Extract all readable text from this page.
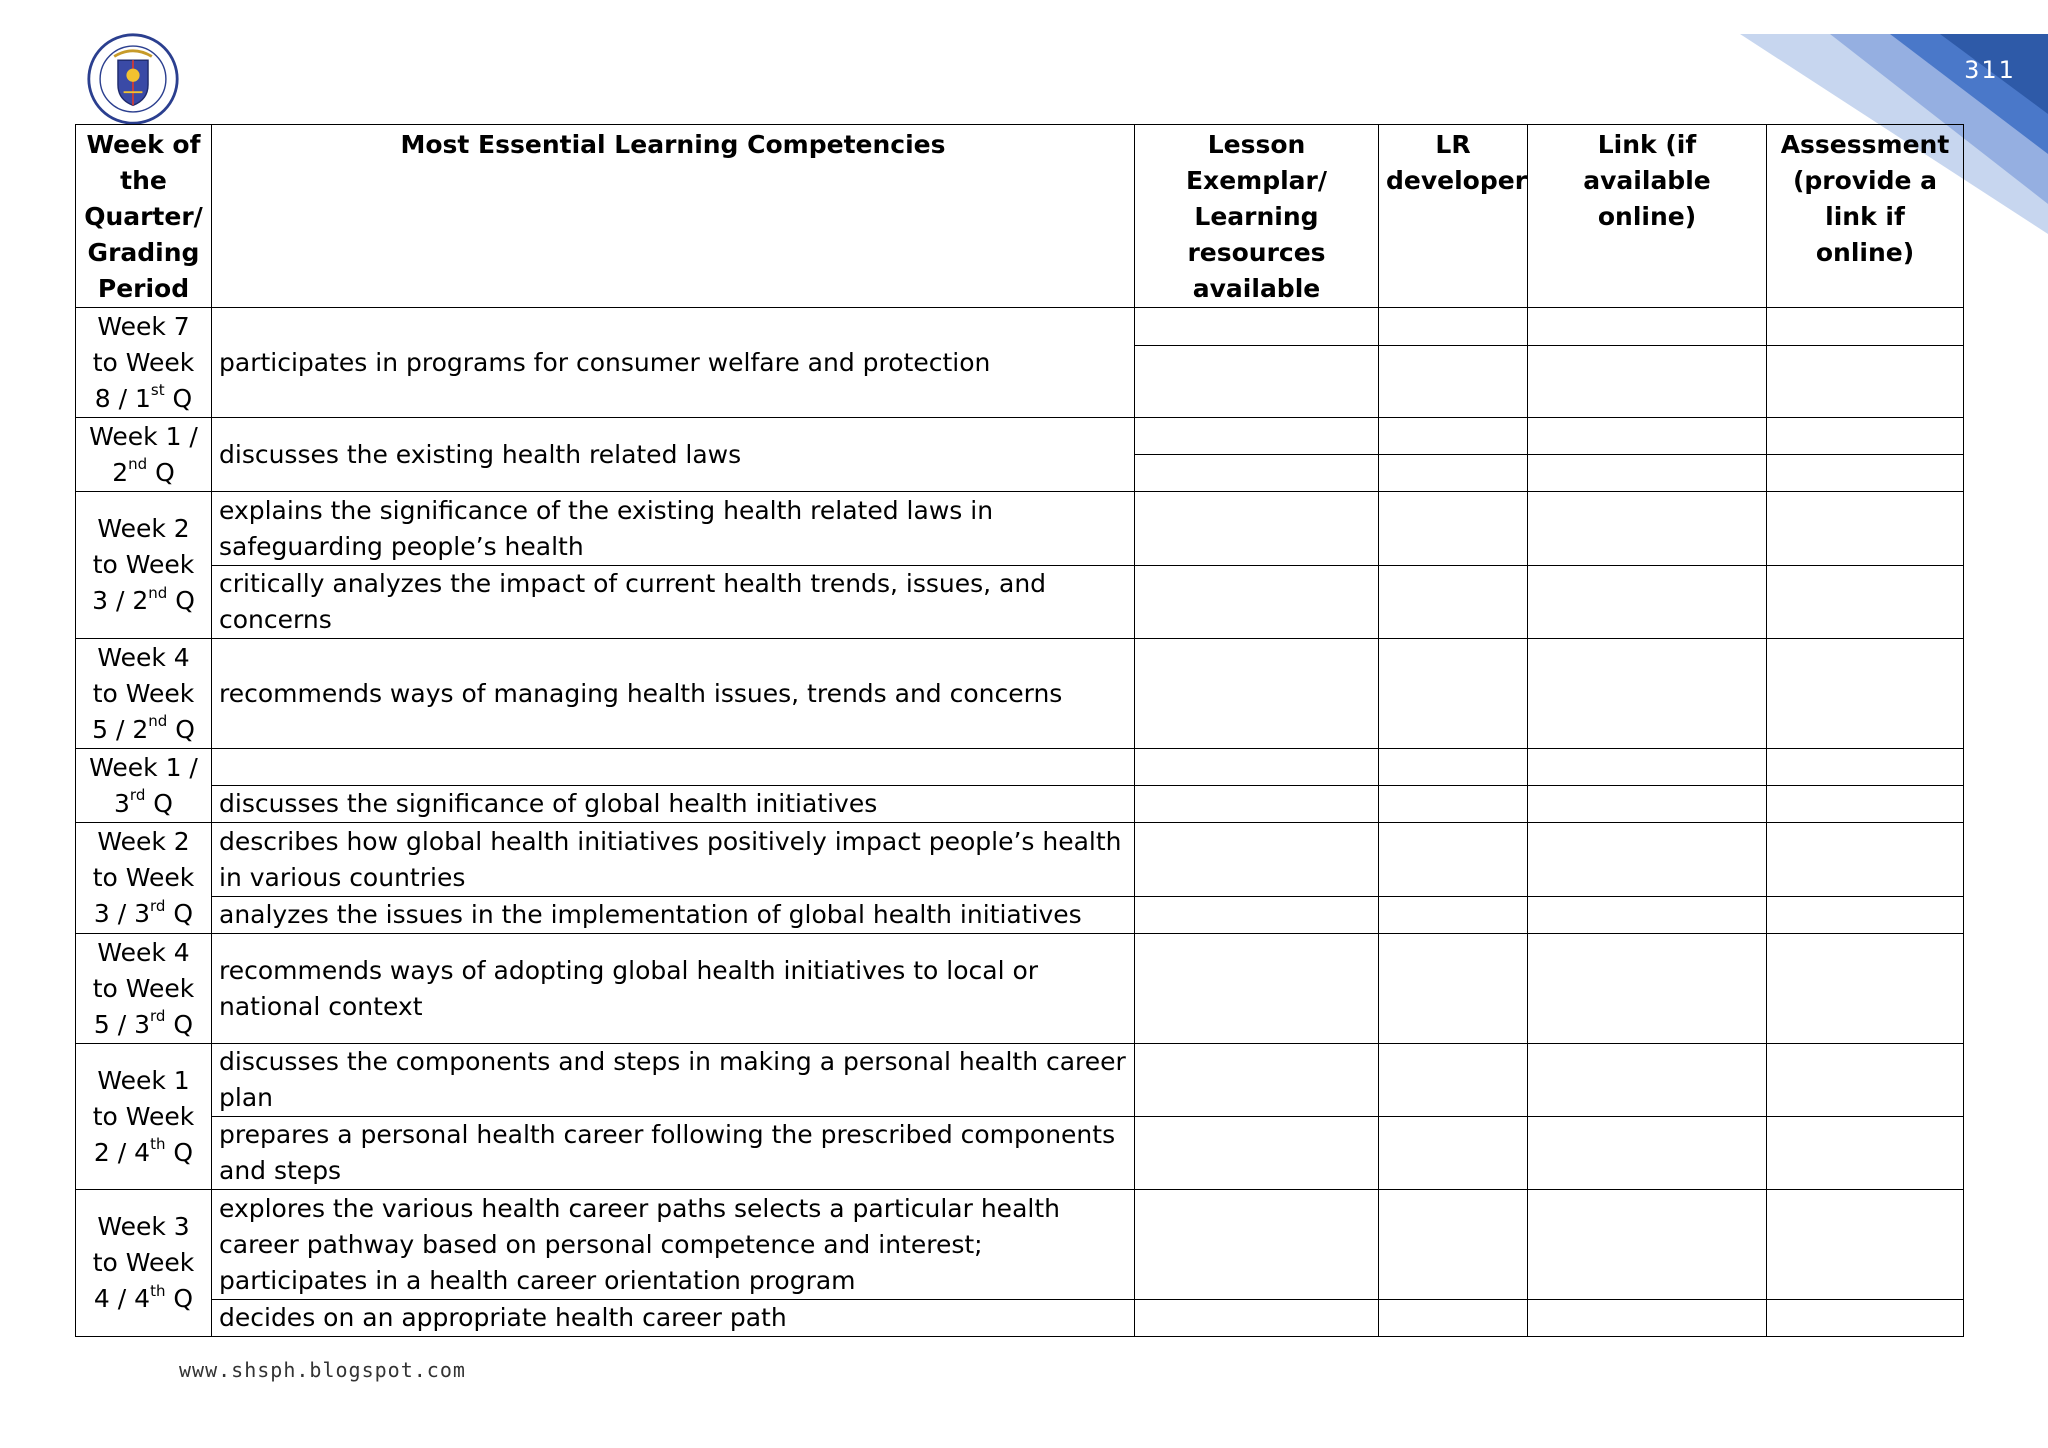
311
Week of the Quarter/ Grading Period	Most Essential Learning Competencies	Lesson Exemplar/ Learning resources available	LR developer	Link (if available online)	Assessment (provide a link if online)
Week 7 to Week 8 / 1st Q	participates in programs for consumer welfare and protection				

Week 1 / 2nd Q	discusses the existing health related laws				

Week 2 to Week 3 / 2nd Q	explains the significance of the existing health related laws in safeguarding people’s health				
	critically analyzes the impact of current health trends, issues, and concerns				
Week 4 to Week 5 / 2nd Q	recommends ways of managing health issues, trends and concerns				
Week 1 / 3rd Q					
	discusses the significance of global health initiatives				
Week 2 to Week 3 / 3rd Q	describes how global health initiatives positively impact people’s health in various countries				
	analyzes the issues in the implementation of global health initiatives				
Week 4 to Week 5 / 3rd Q	recommends ways of adopting global health initiatives to local or national context				
Week 1 to Week 2 / 4th Q	discusses the components and steps in making a personal health career plan				
	prepares a personal health career following the prescribed components and steps				
Week 3 to Week 4 / 4th Q	explores the various health career paths selects a particular health career pathway based on personal competence and interest; participates in a health career orientation program				
	decides on an appropriate health career path				
www.shsph.blogspot.com
